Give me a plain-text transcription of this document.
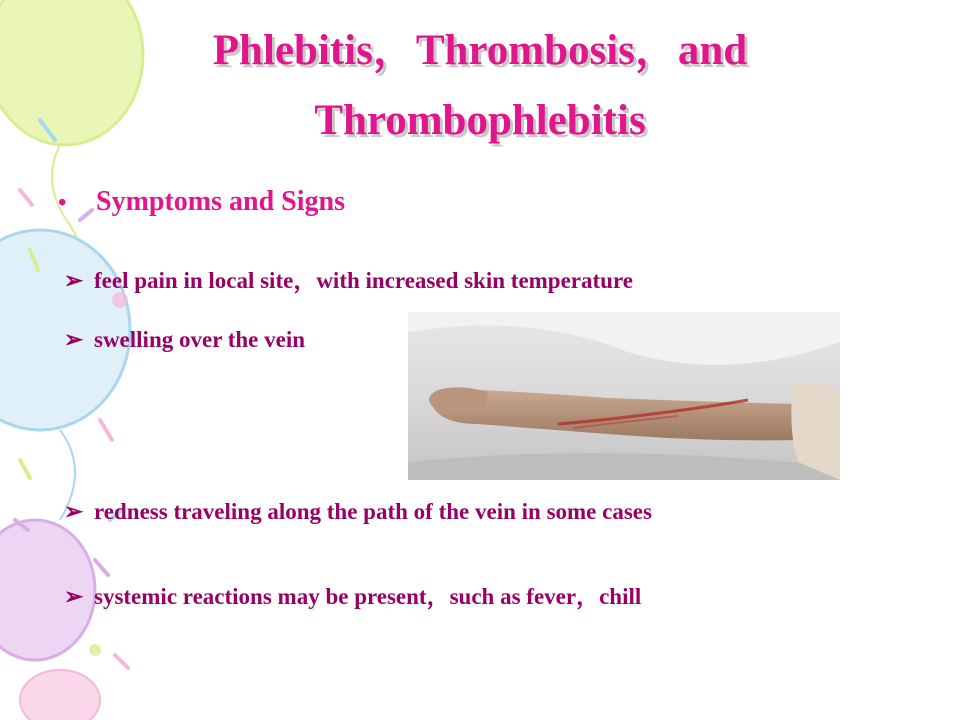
Phlebitis，Thrombosis，and
Thrombophlebitis
• Symptoms and Signs
➢ feel pain in local site，with increased skin temperature
➢ swelling over the vein
➢ redness traveling along the path of the vein in some cases
➢ systemic reactions may be present，such as fever，chill
